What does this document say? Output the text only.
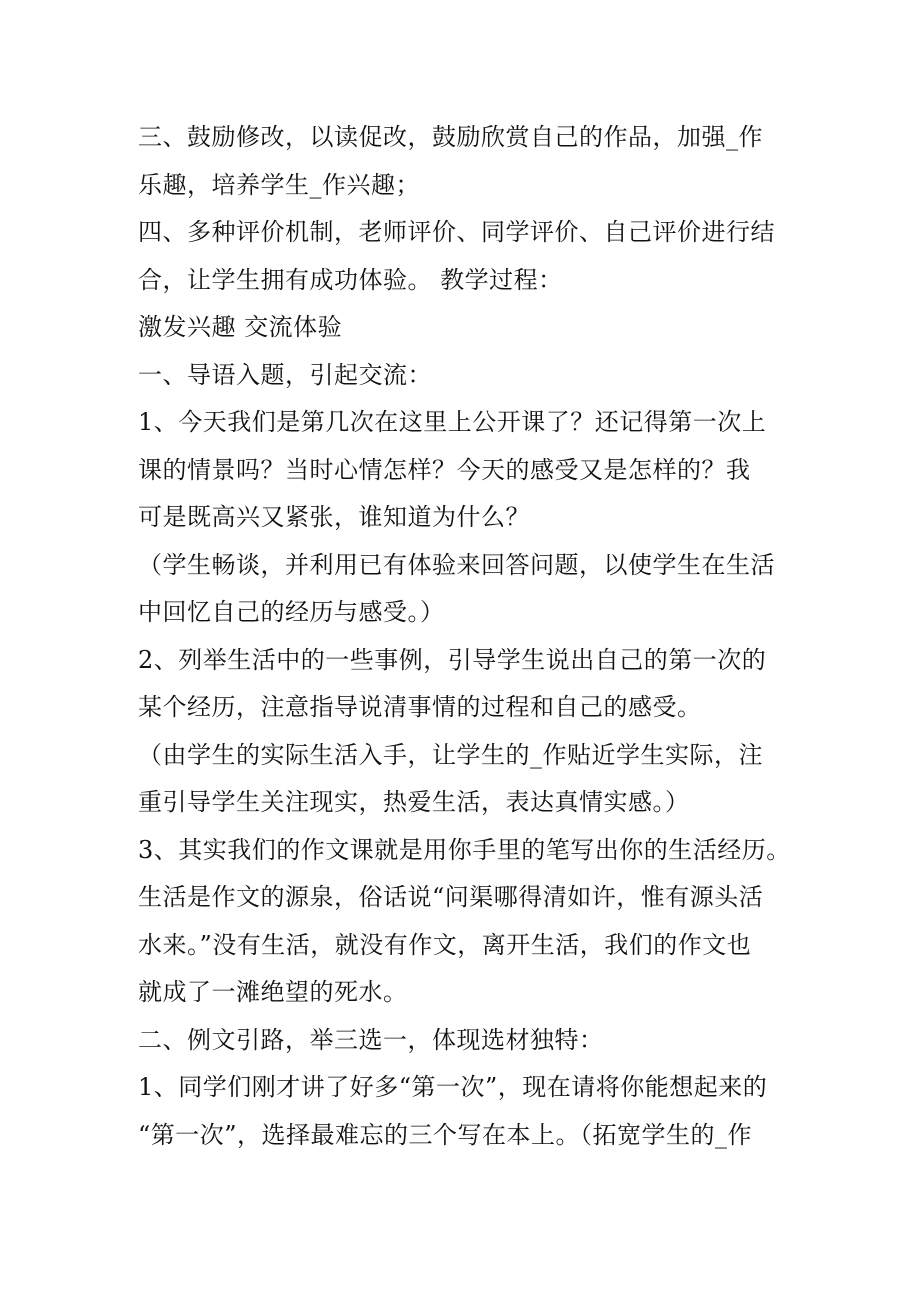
三、鼓励修改，以读促改，鼓励欣赏自己的作品，加强_作
乐趣，培养学生_作兴趣；
四、多种评价机制，老师评价、同学评价、自己评价进行结
合，让学生拥有成功体验。 教学过程：
激发兴趣 交流体验
一、导语入题，引起交流：
1、今天我们是第几次在这里上公开课了？还记得第一次上
课的情景吗？当时心情怎样？今天的感受又是怎样的？我
可是既高兴又紧张，谁知道为什么？
（学生畅谈，并利用已有体验来回答问题，以使学生在生活
中回忆自己的经历与感受。）
2、列举生活中的一些事例，引导学生说出自己的第一次的
某个经历，注意指导说清事情的过程和自己的感受。
（由学生的实际生活入手，让学生的_作贴近学生实际，注
重引导学生关注现实，热爱生活，表达真情实感。）
3、其实我们的作文课就是用你手里的笔写出你的生活经历。
生活是作文的源泉，俗话说“问渠哪得清如许，惟有源头活
水来。”没有生活，就没有作文，离开生活，我们的作文也
就成了一滩绝望的死水。
二、例文引路，举三选一，体现选材独特：
1、同学们刚才讲了好多“第一次”，现在请将你能想起来的
“第一次”，选择最难忘的三个写在本上。（拓宽学生的_作
